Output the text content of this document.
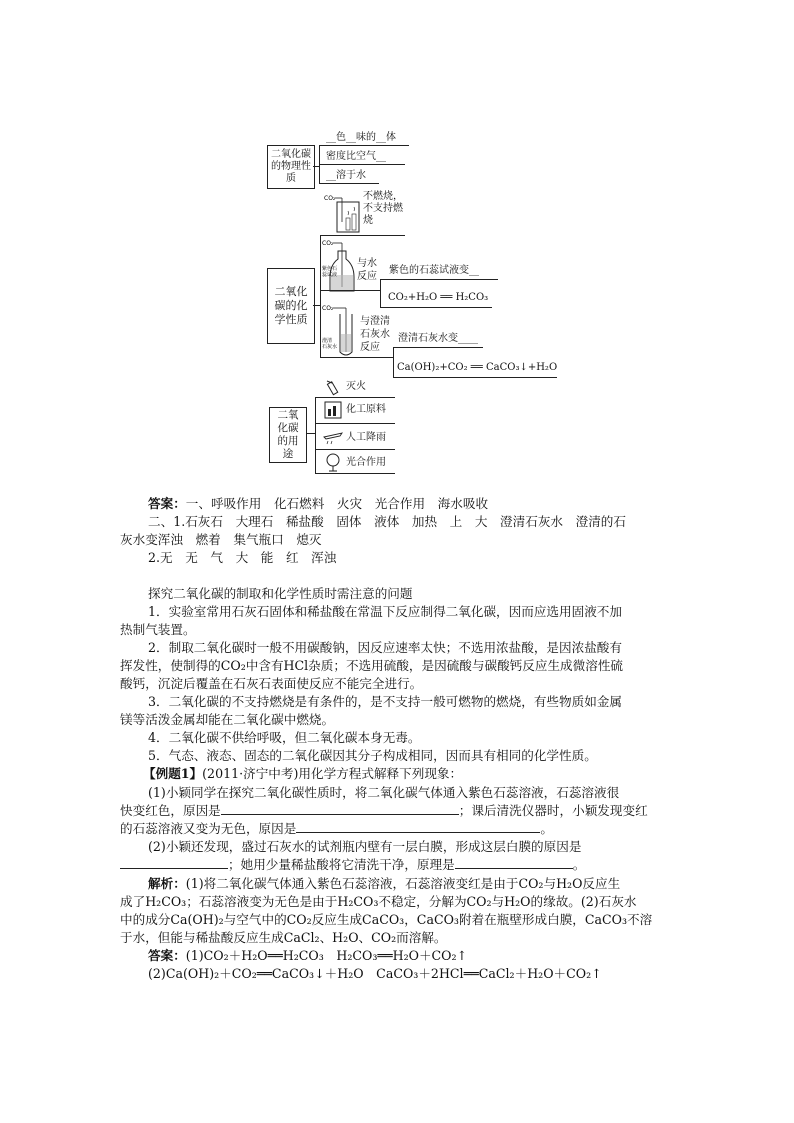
二氧化碳的物理性质
__色__味的__体
密度比空气__
__溶于水
二氧化碳的化学性质
CO₂	不燃烧，不支持燃烧
CO₂
紫色石
蕊试液
与水反应
紫色的石蕊试液变__
CO₂+H₂O ══ H₂CO₃
CO₂
澄清
石灰水
与澄清石灰水反应
澄清石灰水变____
Ca(OH)₂+CO₂ ══ CaCO₃↓+H₂O
二氧化碳的用途
灭火
化工原料
人工降雨
光合作用
答案：一、呼吸作用　化石燃料　火灾　光合作用　海水吸收
二、1.石灰石　大理石　稀盐酸　固体　液体　加热　上　大　澄清石灰水　澄清的石
灰水变浑浊　燃着　集气瓶口　熄灭
2.无　无　气　大　能　红　浑浊
探究二氧化碳的制取和化学性质时需注意的问题
1．实验室常用石灰石固体和稀盐酸在常温下反应制得二氧化碳，因而应选用固液不加
热制气装置。
2．制取二氧化碳时一般不用碳酸钠，因反应速率太快；不选用浓盐酸，是因浓盐酸有
挥发性，使制得的CO₂中含有HCl杂质；不选用硫酸，是因硫酸与碳酸钙反应生成微溶性硫
酸钙，沉淀后覆盖在石灰石表面使反应不能完全进行。
3．二氧化碳的不支持燃烧是有条件的，是不支持一般可燃物的燃烧，有些物质如金属
镁等活泼金属却能在二氧化碳中燃烧。
4．二氧化碳不供给呼吸，但二氧化碳本身无毒。
5．气态、液态、固态的二氧化碳因其分子构成相同，因而具有相同的化学性质。
【例题1】(2011·济宁中考)用化学方程式解释下列现象：
(1)小颖同学在探究二氧化碳性质时，将二氧化碳气体通入紫色石蕊溶液，石蕊溶液很
快变红色，原因是	；课后清洗仪器时，小颖发现变红
的石蕊溶液又变为无色，原因是	。
(2)小颖还发现，盛过石灰水的试剂瓶内壁有一层白膜，形成这层白膜的原因是
；她用少量稀盐酸将它清洗干净，原理是	。
解析：(1)将二氧化碳气体通入紫色石蕊溶液，石蕊溶液变红是由于CO₂与H₂O反应生
成了H₂CO₃；石蕊溶液变为无色是由于H₂CO₃不稳定，分解为CO₂与H₂O的缘故。(2)石灰水
中的成分Ca(OH)₂与空气中的CO₂反应生成CaCO₃，CaCO₃附着在瓶壁形成白膜，CaCO₃不溶
于水，但能与稀盐酸反应生成CaCl₂、H₂O、CO₂而溶解。
答案：(1)CO₂＋H₂O══H₂CO₃　H₂CO₃══H₂O＋CO₂↑
(2)Ca(OH)₂＋CO₂══CaCO₃↓＋H₂O　CaCO₃＋2HCl══CaCl₂＋H₂O＋CO₂↑
